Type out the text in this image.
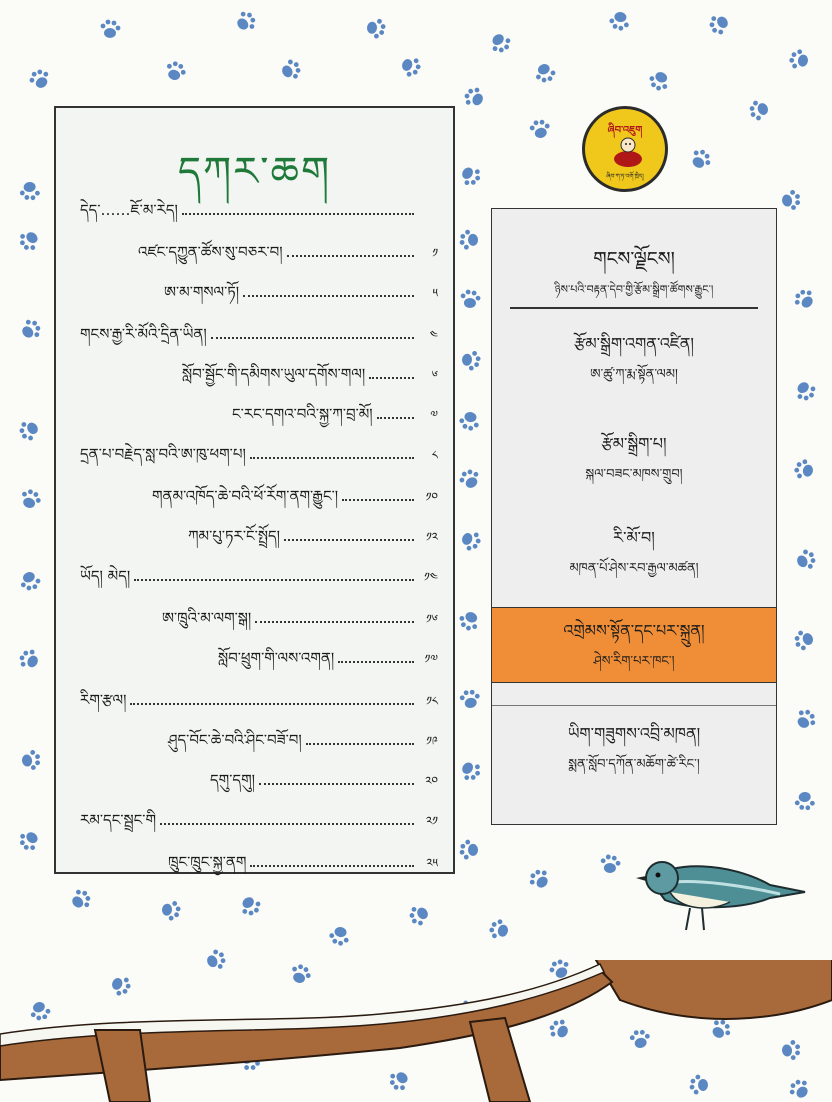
དཀར་ཆག
དེད་……ཇོ་མ་རེད།
འཛང་དཀྱུན་ཚོས་སུ་བཅར་བ།	༡
ཨ་མ་གསལ་ཏོ།	༥
གངས་རྒྱ་རི་མོའི་དྲིན་ཡིན།	༤
སློབ་སྦྱོང་གི་དམིགས་ཡུལ་དགོས་གལ།	༦
ང་རང་དགའ་བའི་སྐྱ་ཀ་བྲ་མོ།	༧
དྲན་པ་བརྗེད་སླ་བའི་ཨ་ཁུ་ཕག་པ།	༨
གནམ་འཁོད་ཆེ་བའི་ཕོ་རོག་ནག་རྒྱུང་།	༡༠
ཀམ་པུ་ཏར་ངོ་སྤྲོད།	༡༢
ཡོད། མེད།	༡༤
ཨ་ཁྲུའི་མ་ལག་སྒ།	༡༦
སློབ་ཕྲུག་གི་ལས་འགན།	༡༧
རིག་རྩལ།	༡༨
ཤུད་བོང་ཆེ་བའི་ཤིང་བཟོ་བ།	༡༩
དགུ་དགུ།	༢༠
རམ་དང་སྦྲང་གི	༢༡
ཁྲུང་ཁྲུང་སྐྱ་ནག	༢༥
ཞིབ་འཇུག
ཞིབ་ཀ་ཏ་འགོ་ཁྲིད།
གངས་ལྗོངས།
ཉིས་པའི་བརྟན་དེབ་གྱི་རྩོམ་སྒྲིག་ཚོགས་རྒྱུང་།
རྩོམ་སྒྲིག་འགན་འཛིན།
ཨ་ཚུ་ཀ་རྨ་སྟོན་ལམ།
རྩོམ་སྒྲིག་པ།
སྐལ་བཟང་མཁས་གྲུབ།
རི་མོ་བ།
མཁན་པོ་ཤེས་རབ་རྒྱལ་མཚན།
འགྲེམས་སྟོན་དང་པར་སྐྲུན།
ཤེས་རིག་པར་ཁང་།
ཡིག་གཟུགས་འབྲི་མཁན།
སྨན་སློབ་དཀོན་མཆོག་ཚེ་རིང་།
